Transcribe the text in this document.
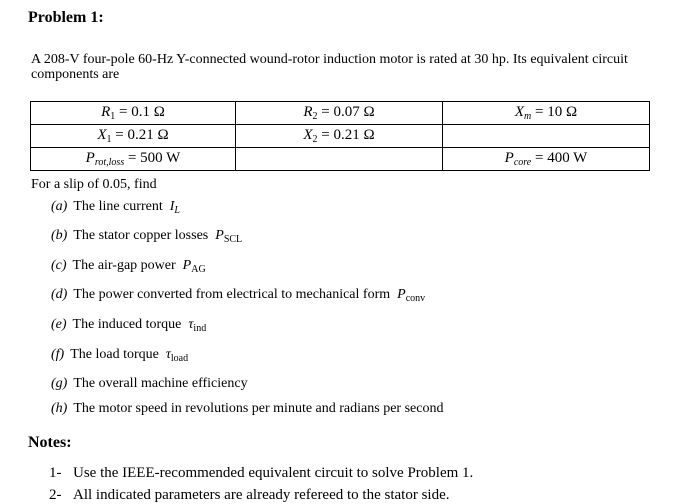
Problem 1:
A 208-V four-pole 60-Hz Y-connected wound-rotor induction motor is rated at 30 hp. Its equivalent circuit components are
$R_1 = 0.1$ Ω	$R_2 = 0.07$ Ω	$X_m = 10$ Ω
$X_1 = 0.21$ Ω	$X_2 = 0.21$ Ω	
$P_{rot,loss} = 500$ W		$P_{core} = 400$ W
For a slip of 0.05, find
(a) The line current $I_L$
(b) The stator copper losses $P_{SCL}$
(c) The air-gap power $P_{AG}$
(d) The power converted from electrical to mechanical form $P_{conv}$
(e) The induced torque $\tau_{ind}$
(f) The load torque $\tau_{load}$
(g) The overall machine efficiency
(h) The motor speed in revolutions per minute and radians per second
Notes:
1- Use the IEEE-recommended equivalent circuit to solve Problem 1.
2- All indicated parameters are already refereed to the stator side.
